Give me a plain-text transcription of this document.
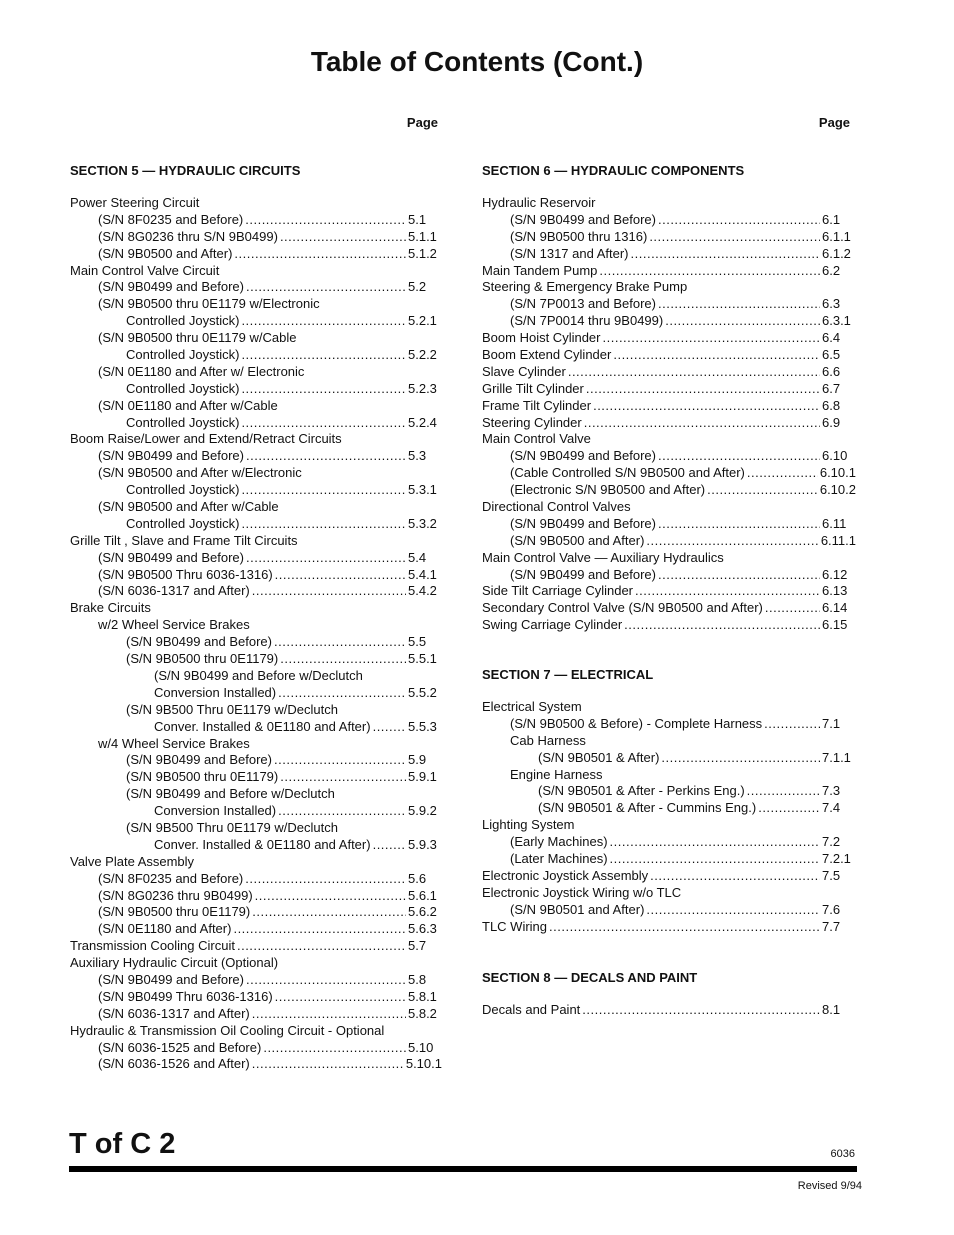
Table of Contents (Cont.)
Page
SECTION 5 — HYDRAULIC CIRCUITS
Power Steering Circuit
(S/N 8F0235 and Before) .....	5.1
(S/N 8G0236 thru S/N 9B0499) .....	5.1.1
(S/N 9B0500 and After) .....	5.1.2
Main Control Valve Circuit
(S/N 9B0499 and Before) .....	5.2
(S/N 9B0500 thru 0E1179 w/Electronic
Controlled Joystick) .....	5.2.1
(S/N 9B0500 thru 0E1179 w/Cable
Controlled Joystick) .....	5.2.2
(S/N 0E1180 and After w/ Electronic
Controlled Joystick) .....	5.2.3
(S/N 0E1180 and After w/Cable
Controlled Joystick) .....	5.2.4
Boom Raise/Lower and Extend/Retract Circuits
(S/N 9B0499 and Before) .....	5.3
(S/N 9B0500 and After w/Electronic
Controlled Joystick) .....	5.3.1
(S/N 9B0500 and After w/Cable
Controlled Joystick) .....	5.3.2
Grille Tilt , Slave and Frame Tilt Circuits
(S/N 9B0499 and Before) .....	5.4
(S/N 9B0500 Thru 6036-1316) .....	5.4.1
(S/N 6036-1317 and After) .....	5.4.2
Brake Circuits
w/2 Wheel Service Brakes
(S/N 9B0499 and Before) .....	5.5
(S/N 9B0500 thru 0E1179) .....	5.5.1
(S/N 9B0499 and Before w/Declutch
Conversion Installed) .....	5.5.2
(S/N 9B500 Thru 0E1179 w/Declutch
Conver. Installed & 0E1180 and After) .....	5.5.3
w/4 Wheel Service Brakes
(S/N 9B0499 and Before) .....	5.9
(S/N 9B0500 thru 0E1179) .....	5.9.1
(S/N 9B0499 and Before w/Declutch
Conversion Installed) .....	5.9.2
(S/N 9B500 Thru 0E1179 w/Declutch
Conver. Installed & 0E1180 and After) .....	5.9.3
Valve Plate Assembly
(S/N 8F0235 and Before) .....	5.6
(S/N 8G0236 thru 9B0499) .....	5.6.1
(S/N 9B0500 thru 0E1179) .....	5.6.2
(S/N 0E1180 and After) .....	5.6.3
Transmission Cooling Circuit .....	5.7
Auxiliary Hydraulic Circuit (Optional)
(S/N 9B0499 and Before) .....	5.8
(S/N 9B0499 Thru 6036-1316) .....	5.8.1
(S/N 6036-1317 and After) .....	5.8.2
Hydraulic & Transmission Oil Cooling Circuit - Optional
(S/N 6036-1525 and Before) .....	5.10
(S/N 6036-1526 and After) .....	5.10.1
Page
SECTION 6 — HYDRAULIC COMPONENTS
Hydraulic Reservoir
(S/N 9B0499 and Before) .....	6.1
(S/N 9B0500 thru 1316) .....	6.1.1
(S/N 1317 and After) .....	6.1.2
Main Tandem Pump .....	6.2
Steering & Emergency Brake Pump
(S/N 7P0013 and Before) .....	6.3
(S/N 7P0014 thru 9B0499) .....	6.3.1
Boom Hoist Cylinder .....	6.4
Boom Extend Cylinder .....	6.5
Slave Cylinder .....	6.6
Grille Tilt Cylinder .....	6.7
Frame Tilt Cylinder .....	6.8
Steering Cylinder .....	6.9
Main Control Valve
(S/N 9B0499 and Before) .....	6.10
(Cable Controlled S/N 9B0500 and After) .....	6.10.1
(Electronic S/N 9B0500 and After) .....	6.10.2
Directional Control Valves
(S/N 9B0499 and Before) .....	6.11
(S/N 9B0500 and After) .....	6.11.1
Main Control Valve — Auxiliary Hydraulics
(S/N 9B0499 and Before) .....	6.12
Side Tilt Carriage Cylinder .....	6.13
Secondary Control Valve (S/N 9B0500 and After) .....	6.14
Swing Carriage Cylinder .....	6.15
SECTION 7 — ELECTRICAL
Electrical System
(S/N 9B0500 & Before) - Complete Harness .....	7.1
Cab Harness
(S/N 9B0501 & After) .....	7.1.1
Engine Harness
(S/N 9B0501 & After - Perkins Eng.) .....	7.3
(S/N 9B0501 & After - Cummins Eng.) .....	7.4
Lighting System
(Early Machines) .....	7.2
(Later Machines) .....	7.2.1
Electronic Joystick Assembly .....	7.5
Electronic Joystick Wiring w/o TLC
(S/N 9B0501 and After) .....	7.6
TLC Wiring .....	7.7
SECTION 8 — DECALS AND PAINT
Decals and Paint .....	8.1
T of C 2	6036
Revised 9/94
